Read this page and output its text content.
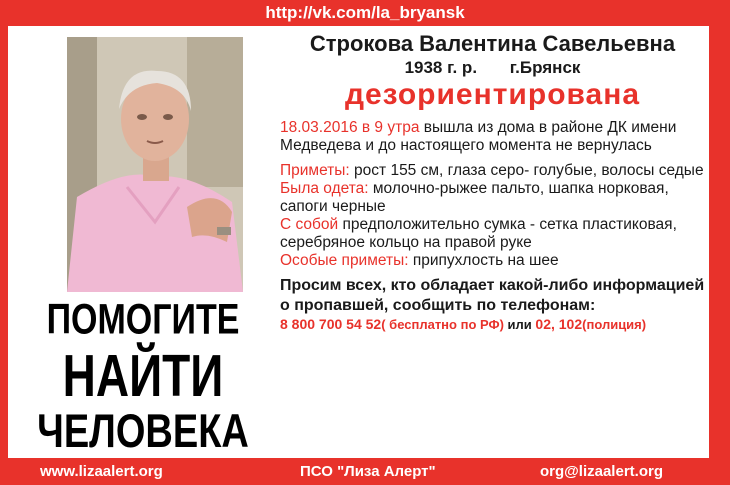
http://vk.com/la_bryansk
ПОМОГИТЕ
НАЙТИ
ЧЕЛОВЕКА
Строкова Валентина Савельевна
1938 г. р. г.Брянск
дезориентирована
18.03.2016 в 9 утра вышла из дома в районе ДК имени Медведева и до настоящего момента не вернулась
Приметы: рост 155 см, глаза серо- голубые, волосы седые
Была одета: молочно-рыжее пальто, шапка норковая, сапоги черные
С собой предположительно сумка - сетка пластиковая, серебряное кольцо на правой руке
Особые приметы: припухлость на шее
Просим всех, кто обладает какой-либо информацией о пропавшей, сообщить по телефонам:
8 800 700 54 52( бесплатно по РФ) или 02, 102(полиция)
www.lizaalert.org	ПСО "Лиза Алерт"	org@lizaalert.org
